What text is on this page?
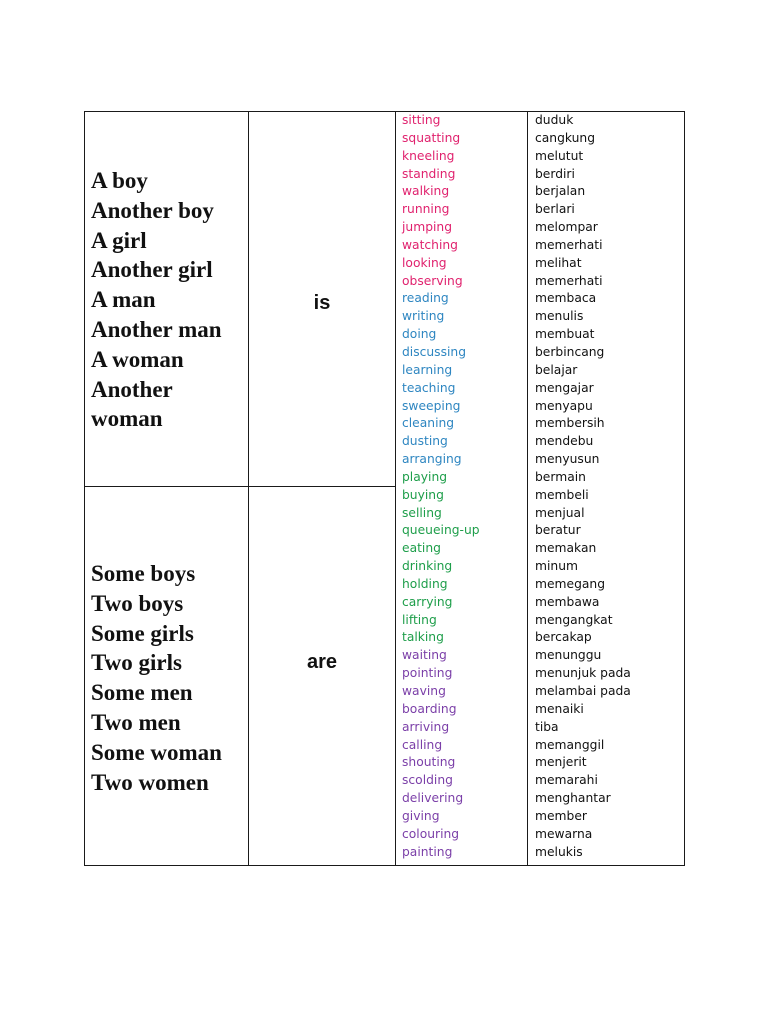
A boy
Another boy
A girl
Another girl
A man
Another man
A woman
Another
woman
is
Some boys
Two boys
Some girls
Two girls
Some men
Two men
Some woman
Two women
are
sitting
squatting
kneeling
standing
walking
running
jumping
watching
looking
observing
reading
writing
doing
discussing
learning
teaching
sweeping
cleaning
dusting
arranging
playing
buying
selling
queueing-up
eating
drinking
holding
carrying
lifting
talking
waiting
pointing
waving
boarding
arriving
calling
shouting
scolding
delivering
giving
colouring
painting
duduk
cangkung
melutut
berdiri
berjalan
berlari
melompar
memerhati
melihat
memerhati
membaca
menulis
membuat
berbincang
belajar
mengajar
menyapu
membersih
mendebu
menyusun
bermain
membeli
menjual
beratur
memakan
minum
memegang
membawa
mengangkat
bercakap
menunggu
menunjuk pada
melambai pada
menaiki
tiba
memanggil
menjerit
memarahi
menghantar
member
mewarna
melukis
